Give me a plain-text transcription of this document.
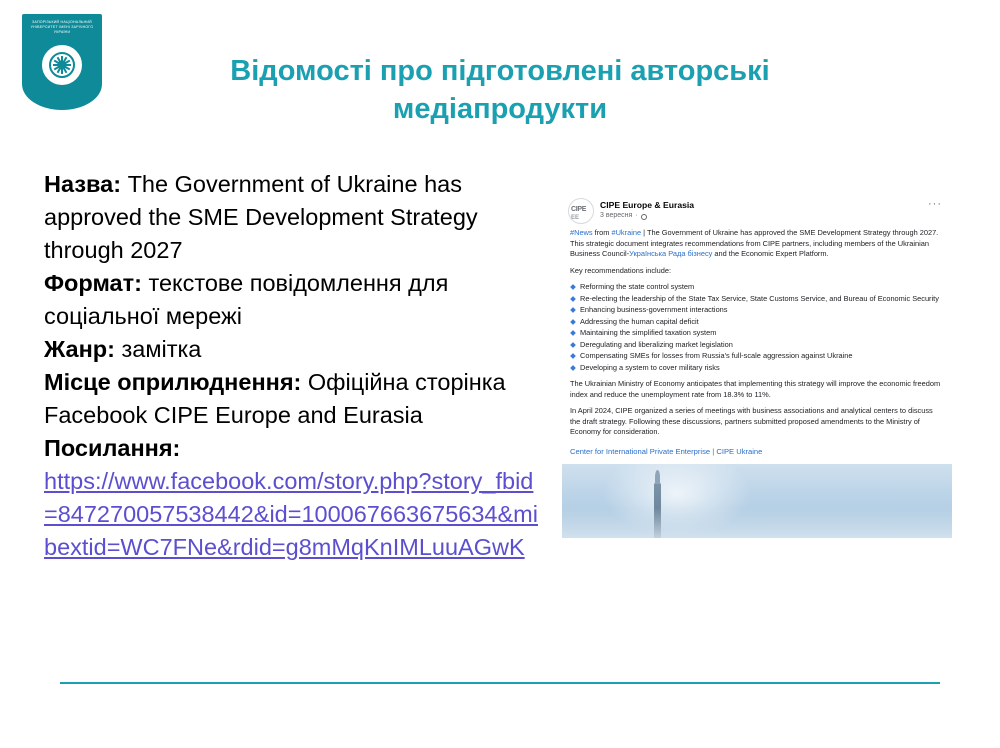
ЗАПОРІЗЬКИЙ НАЦІОНАЛЬНИЙ УНІВЕРСИТЕТ ІМЕНІ ЗАРІЧНОГО УКРАЇНИ
Відомості про підготовлені авторські медіапродукти
Назва: The Government of Ukraine has approved the SME Development Strategy through 2027
Формат: текстове повідомлення для соціальної мережі
Жанр: замітка
Місце оприлюднення: Офіційна сторінка Facebook CIPE Europe and Eurasia
Посилання:
https://www.facebook.com/story.php?story_fbid=847270057538442&id=100067663675634&mibextid=WC7FNe&rdid=g8mMqKnIMLuuAGwK
CIPE
EE
CIPE Europe & Eurasia
3 вересня ·
···

#News from #Ukraine | The Government of Ukraine has approved the SME Development Strategy through 2027. This strategic document integrates recommendations from CIPE partners, including members of the Ukrainian Business Council-Українська Рада бізнесу and the Economic Expert Platform.

Key recommendations include:

Reforming the state control system
Re-electing the leadership of the State Tax Service, State Customs Service, and Bureau of Economic Security
Enhancing business-government interactions
Addressing the human capital deficit
Maintaining the simplified taxation system
Deregulating and liberalizing market legislation
Compensating SMEs for losses from Russia's full-scale aggression against Ukraine
Developing a system to cover military risks

The Ukrainian Ministry of Economy anticipates that implementing this strategy will improve the economic freedom index and reduce the unemployment rate from 18.3% to 11%.

In April 2024, CIPE organized a series of meetings with business associations and analytical centers to discuss the draft strategy. Following these discussions, partners submitted proposed amendments to the Ministry of Economy for consideration.

Center for International Private Enterprise | CIPE Ukraine
